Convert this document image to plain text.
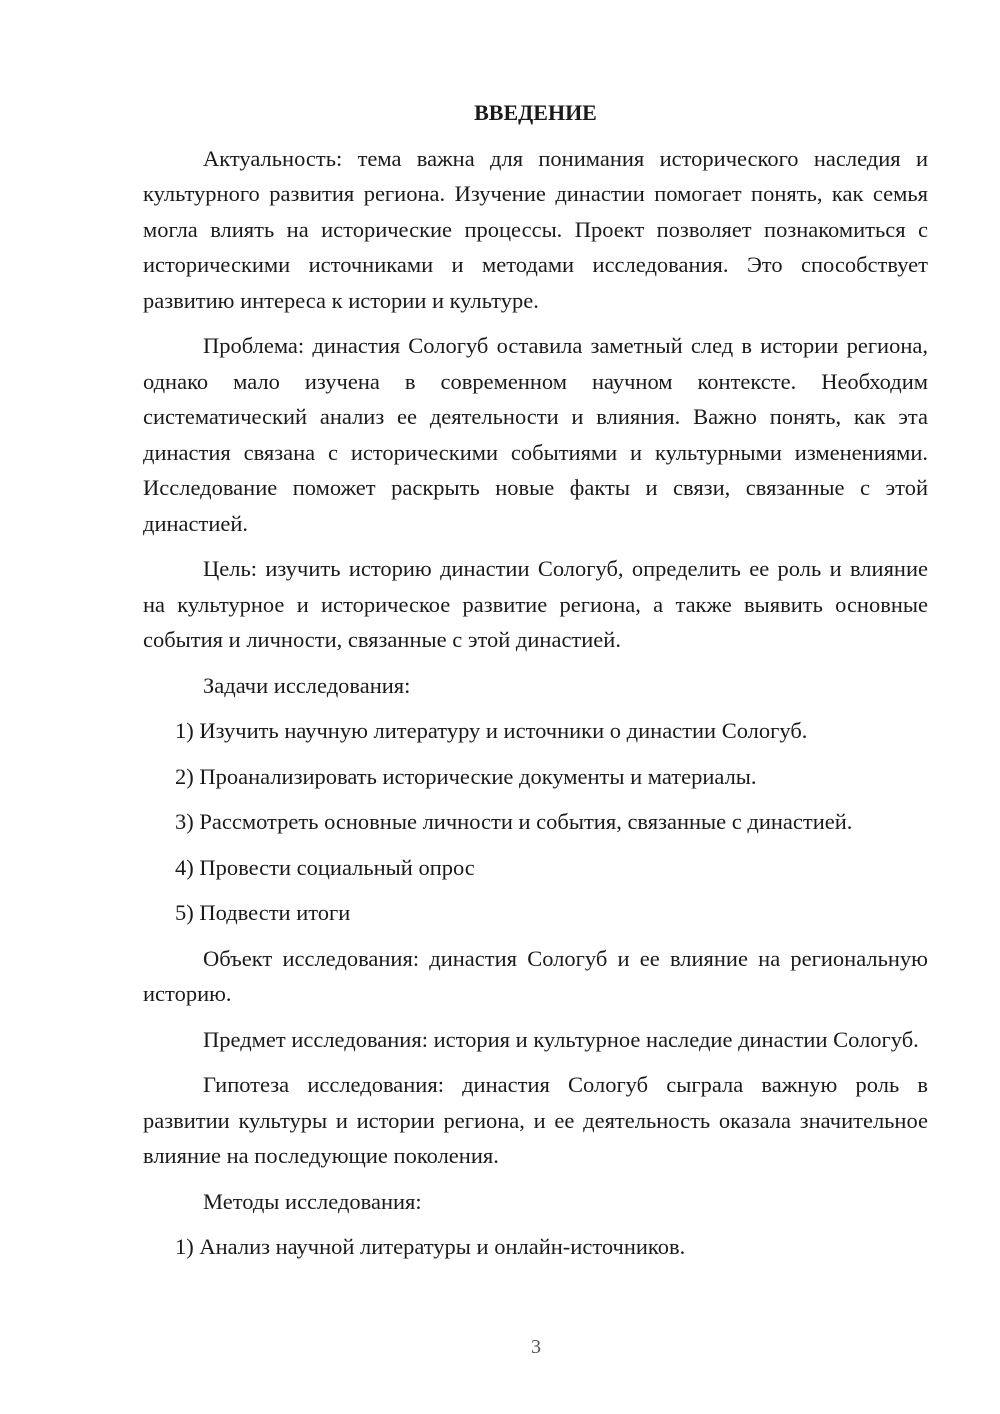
ВВЕДЕНИЕ

Актуальность: тема важна для понимания исторического наследия и культурного развития региона. Изучение династии помогает понять, как семья могла влиять на исторические процессы. Проект позволяет познакомиться с историческими источниками и методами исследования. Это способствует развитию интереса к истории и культуре.

Проблема: династия Сологуб оставила заметный след в истории региона, однако мало изучена в современном научном контексте. Необходим систематический анализ ее деятельности и влияния. Важно понять, как эта династия связана с историческими событиями и культурными изменениями. Исследование поможет раскрыть новые факты и связи, связанные с этой династией.

Цель: изучить историю династии Сологуб, определить ее роль и влияние на культурное и историческое развитие региона, а также выявить основные события и личности, связанные с этой династией.

Задачи исследования:

1) Изучить научную литературу и источники о династии Сологуб.

2) Проанализировать исторические документы и материалы.

3) Рассмотреть основные личности и события, связанные с династией.

4) Провести социальный опрос

5) Подвести итоги

Объект исследования: династия Сологуб и ее влияние на региональную историю.

Предмет исследования: история и культурное наследие династии Сологуб.

Гипотеза исследования: династия Сологуб сыграла важную роль в развитии культуры и истории региона, и ее деятельность оказала значительное влияние на последующие поколения.

Методы исследования:

1) Анализ научной литературы и онлайн-источников.

3
